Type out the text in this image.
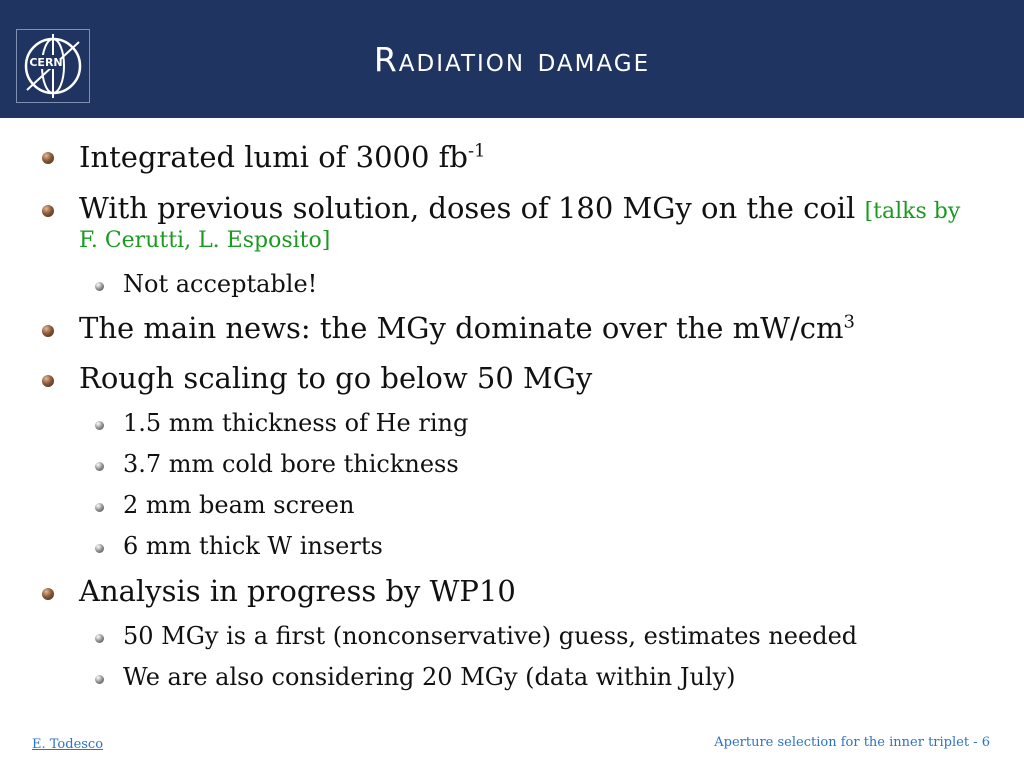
CERN	Radiation damage
Integrated lumi of 3000 $fb^{-1}$
With previous solution, doses of 180 MGy on the coil [talks by
F. Cerutti, L. Esposito]
Not acceptable!
The main news: the MGy dominate over the $mW/cm^3$
Rough scaling to go below 50 MGy
1.5 mm thickness of He ring
3.7 mm cold bore thickness
2 mm beam screen
6 mm thick W inserts
Analysis in progress by WP10
50 MGy is a first (nonconservative) guess, estimates needed
We are also considering 20 MGy (data within July)
E. Todesco	Aperture selection for the inner triplet - 6
